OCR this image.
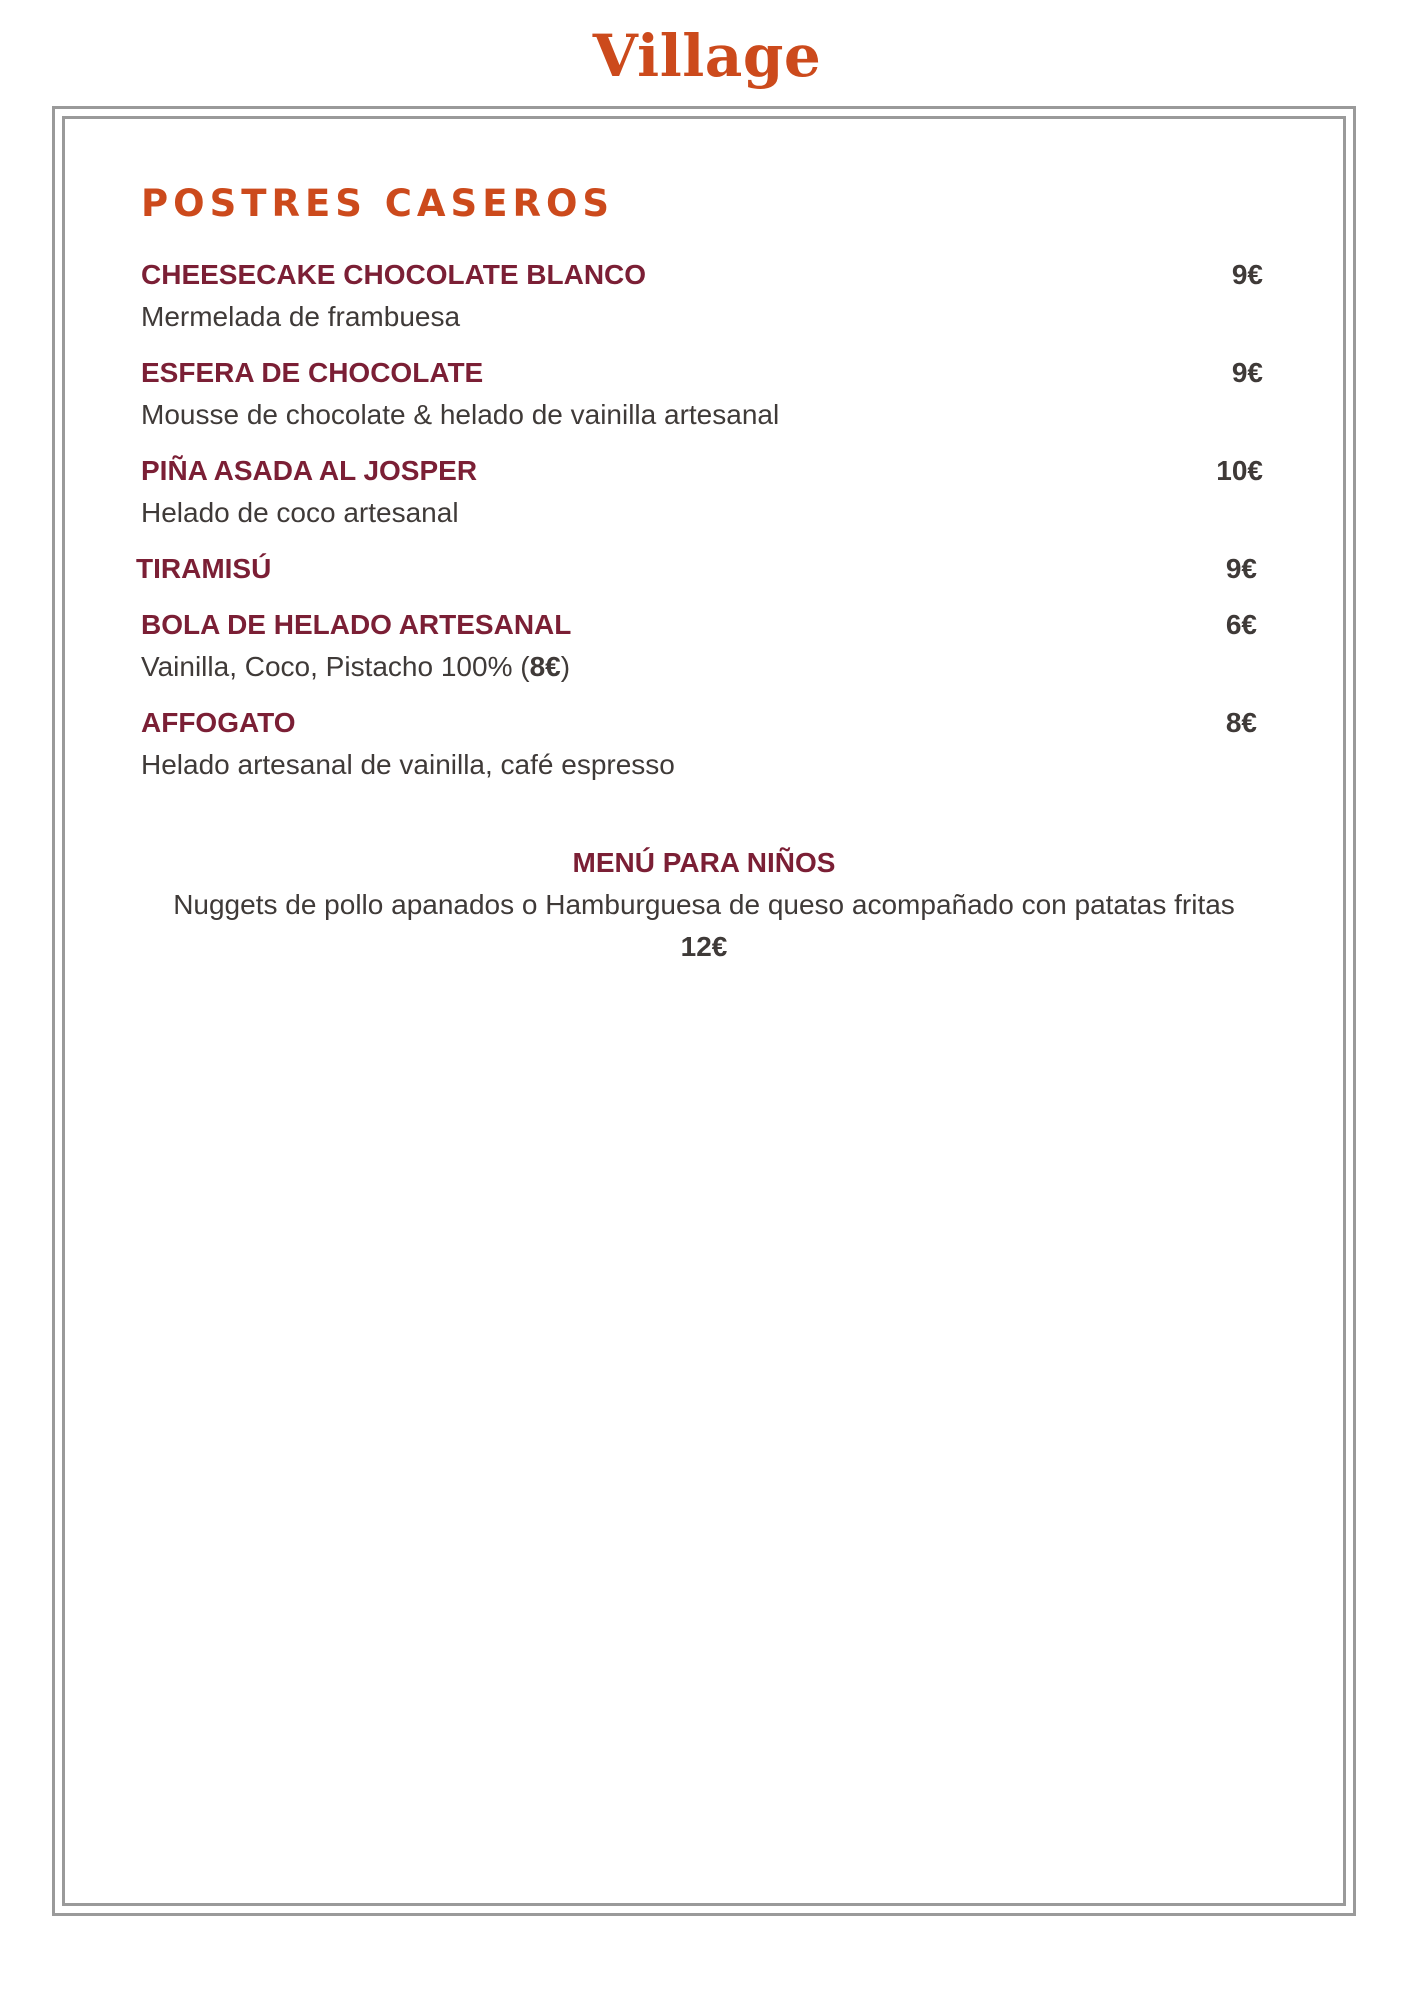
Village
POSTRES CASEROS
CHEESECAKE CHOCOLATE BLANCO	9€
Mermelada de frambuesa
ESFERA DE CHOCOLATE	9€
Mousse de chocolate & helado de vainilla artesanal
PIÑA ASADA AL JOSPER	10€
Helado de coco artesanal
TIRAMISÚ	9€
BOLA DE HELADO ARTESANAL	6€
Vainilla, Coco, Pistacho 100% (8€)
AFFOGATO	8€
Helado artesanal de vainilla, café espresso
MENÚ PARA NIÑOS
Nuggets de pollo apanados o Hamburguesa de queso acompañado con patatas fritas
12€
